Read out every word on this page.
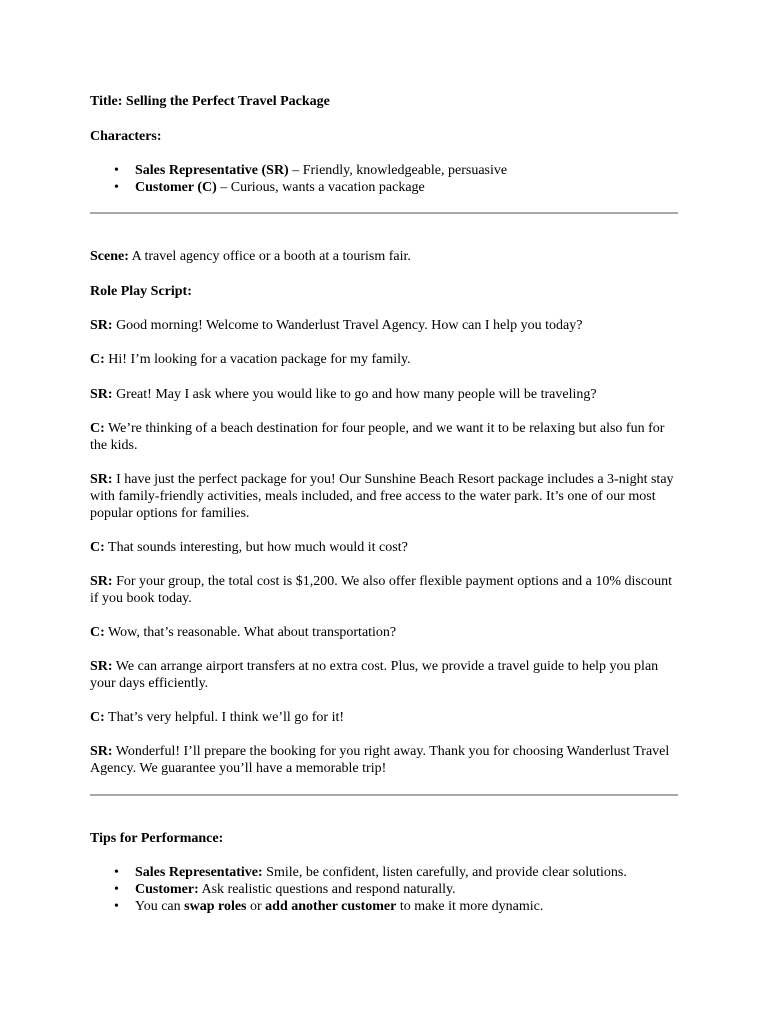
Title: Selling the Perfect Travel Package
Characters:
• Sales Representative (SR) – Friendly, knowledgeable, persuasive
• Customer (C) – Curious, wants a vacation package
Scene: A travel agency office or a booth at a tourism fair.
Role Play Script:
SR: Good morning! Welcome to Wanderlust Travel Agency. How can I help you today?
C: Hi! I’m looking for a vacation package for my family.
SR: Great! May I ask where you would like to go and how many people will be traveling?
C: We’re thinking of a beach destination for four people, and we want it to be relaxing but also fun for the kids.
SR: I have just the perfect package for you! Our Sunshine Beach Resort package includes a 3-night stay with family-friendly activities, meals included, and free access to the water park. It’s one of our most popular options for families.
C: That sounds interesting, but how much would it cost?
SR: For your group, the total cost is $1,200. We also offer flexible payment options and a 10% discount if you book today.
C: Wow, that’s reasonable. What about transportation?
SR: We can arrange airport transfers at no extra cost. Plus, we provide a travel guide to help you plan your days efficiently.
C: That’s very helpful. I think we’ll go for it!
SR: Wonderful! I’ll prepare the booking for you right away. Thank you for choosing Wanderlust Travel Agency. We guarantee you’ll have a memorable trip!
Tips for Performance:
• Sales Representative: Smile, be confident, listen carefully, and provide clear solutions.
• Customer: Ask realistic questions and respond naturally.
• You can swap roles or add another customer to make it more dynamic.
